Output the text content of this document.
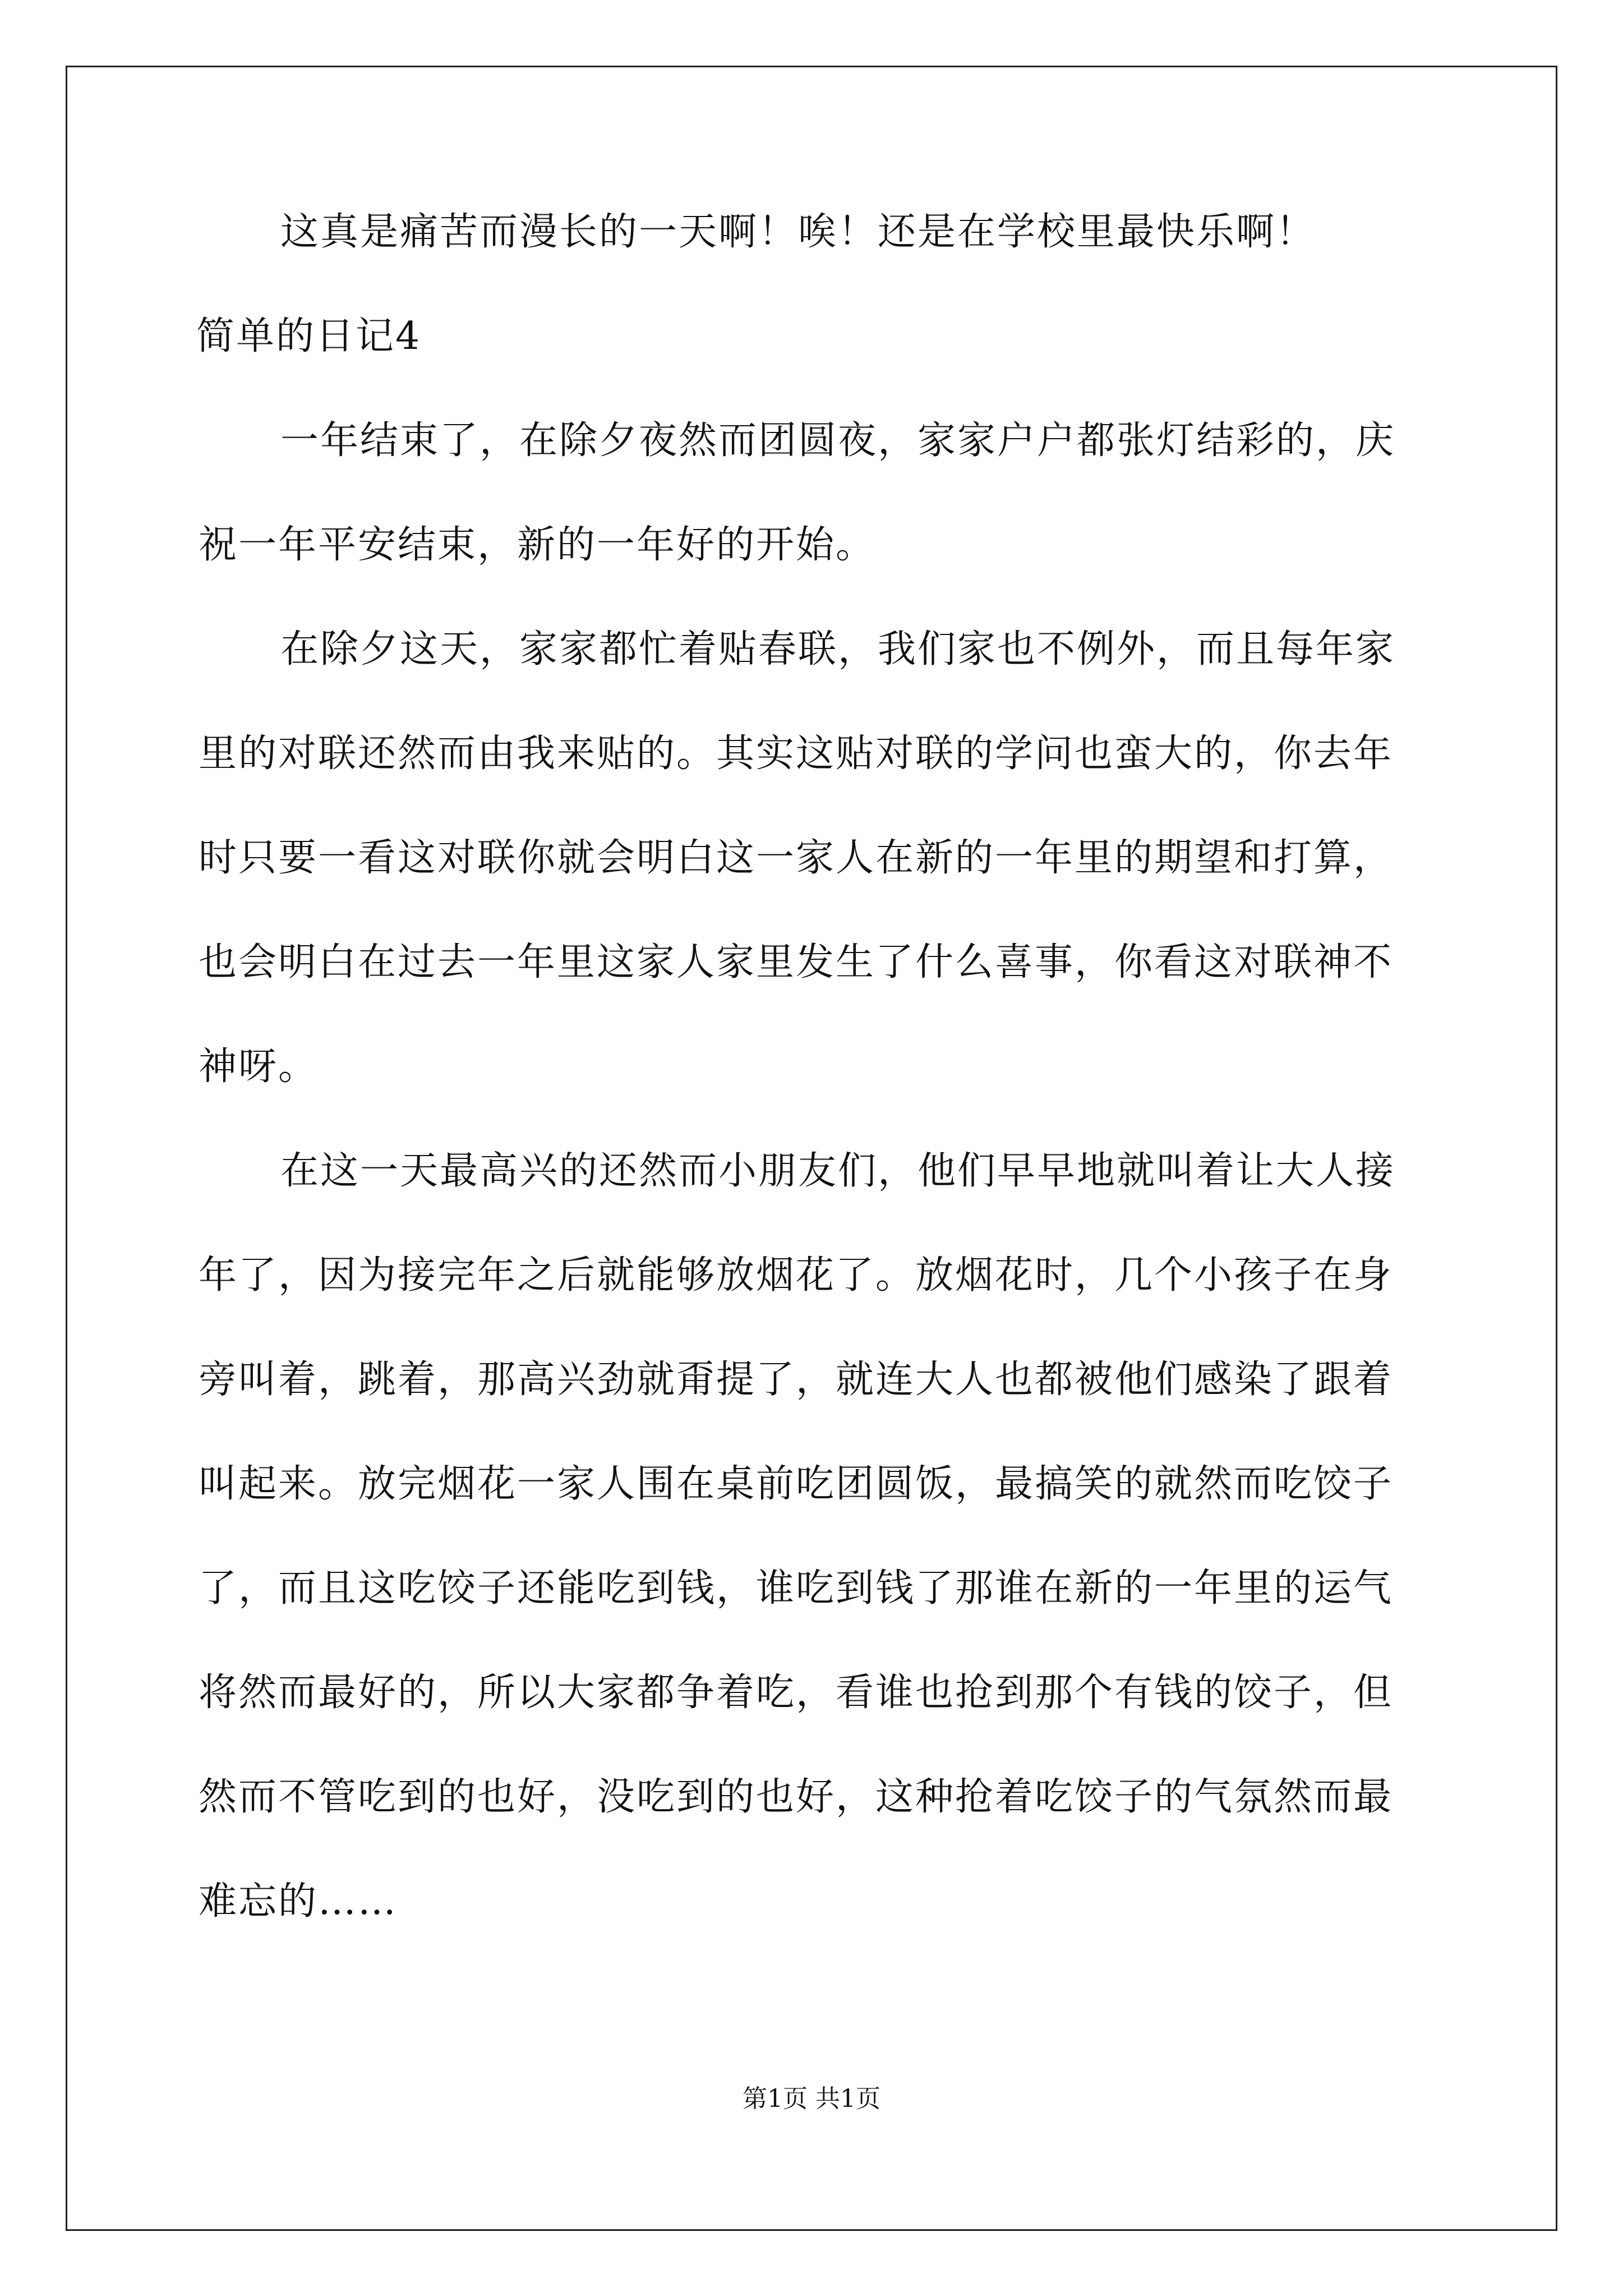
这真是痛苦而漫长的一天啊！唉！还是在学校里最快乐啊！
简单的日记4
一年结束了，在除夕夜然而团圆夜，家家户户都张灯结彩的，庆
祝一年平安结束，新的一年好的开始。
在除夕这天，家家都忙着贴春联，我们家也不例外，而且每年家
里的对联还然而由我来贴的。其实这贴对联的学问也蛮大的，你去年
时只要一看这对联你就会明白这一家人在新的一年里的期望和打算，
也会明白在过去一年里这家人家里发生了什么喜事，你看这对联神不
神呀。
在这一天最高兴的还然而小朋友们，他们早早地就叫着让大人接
年了，因为接完年之后就能够放烟花了。放烟花时，几个小孩子在身
旁叫着，跳着，那高兴劲就甭提了，就连大人也都被他们感染了跟着
叫起来。放完烟花一家人围在桌前吃团圆饭，最搞笑的就然而吃饺子
了，而且这吃饺子还能吃到钱，谁吃到钱了那谁在新的一年里的运气
将然而最好的，所以大家都争着吃，看谁也抢到那个有钱的饺子，但
然而不管吃到的也好，没吃到的也好，这种抢着吃饺子的气氛然而最
难忘的……
第1页 共1页
